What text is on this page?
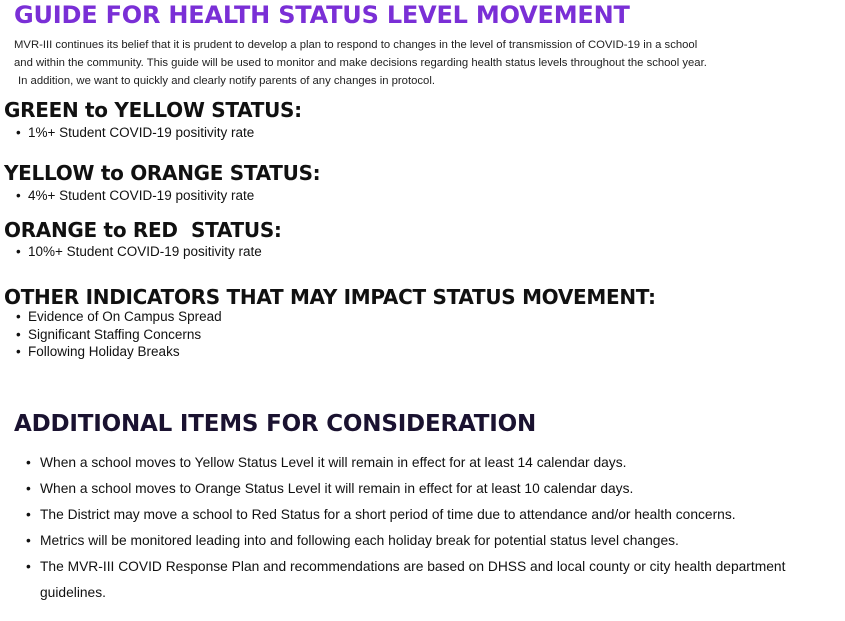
GUIDE FOR HEALTH STATUS LEVEL MOVEMENT

MVR-III continues its belief that it is prudent to develop a plan to respond to changes in the level of transmission of COVID-19 in a school
and within the community. This guide will be used to monitor and make decisions regarding health status levels throughout the school year.
In addition, we want to quickly and clearly notify parents of any changes in protocol.

GREEN to YELLOW STATUS:
• 1%+ Student COVID-19 positivity rate
YELLOW to ORANGE STATUS:
• 4%+ Student COVID-19 positivity rate
ORANGE to RED  STATUS:
• 10%+ Student COVID-19 positivity rate
OTHER INDICATORS THAT MAY IMPACT STATUS MOVEMENT:
• Evidence of On Campus Spread
• Significant Staffing Concerns
• Following Holiday Breaks
ADDITIONAL ITEMS FOR CONSIDERATION
• When a school moves to Yellow Status Level it will remain in effect for at least 14 calendar days.
• When a school moves to Orange Status Level it will remain in effect for at least 10 calendar days.
• The District may move a school to Red Status for a short period of time due to attendance and/or health concerns.
• Metrics will be monitored leading into and following each holiday break for potential status level changes.
• The MVR-III COVID Response Plan and recommendations are based on DHSS and local county or city health department guidelines.
